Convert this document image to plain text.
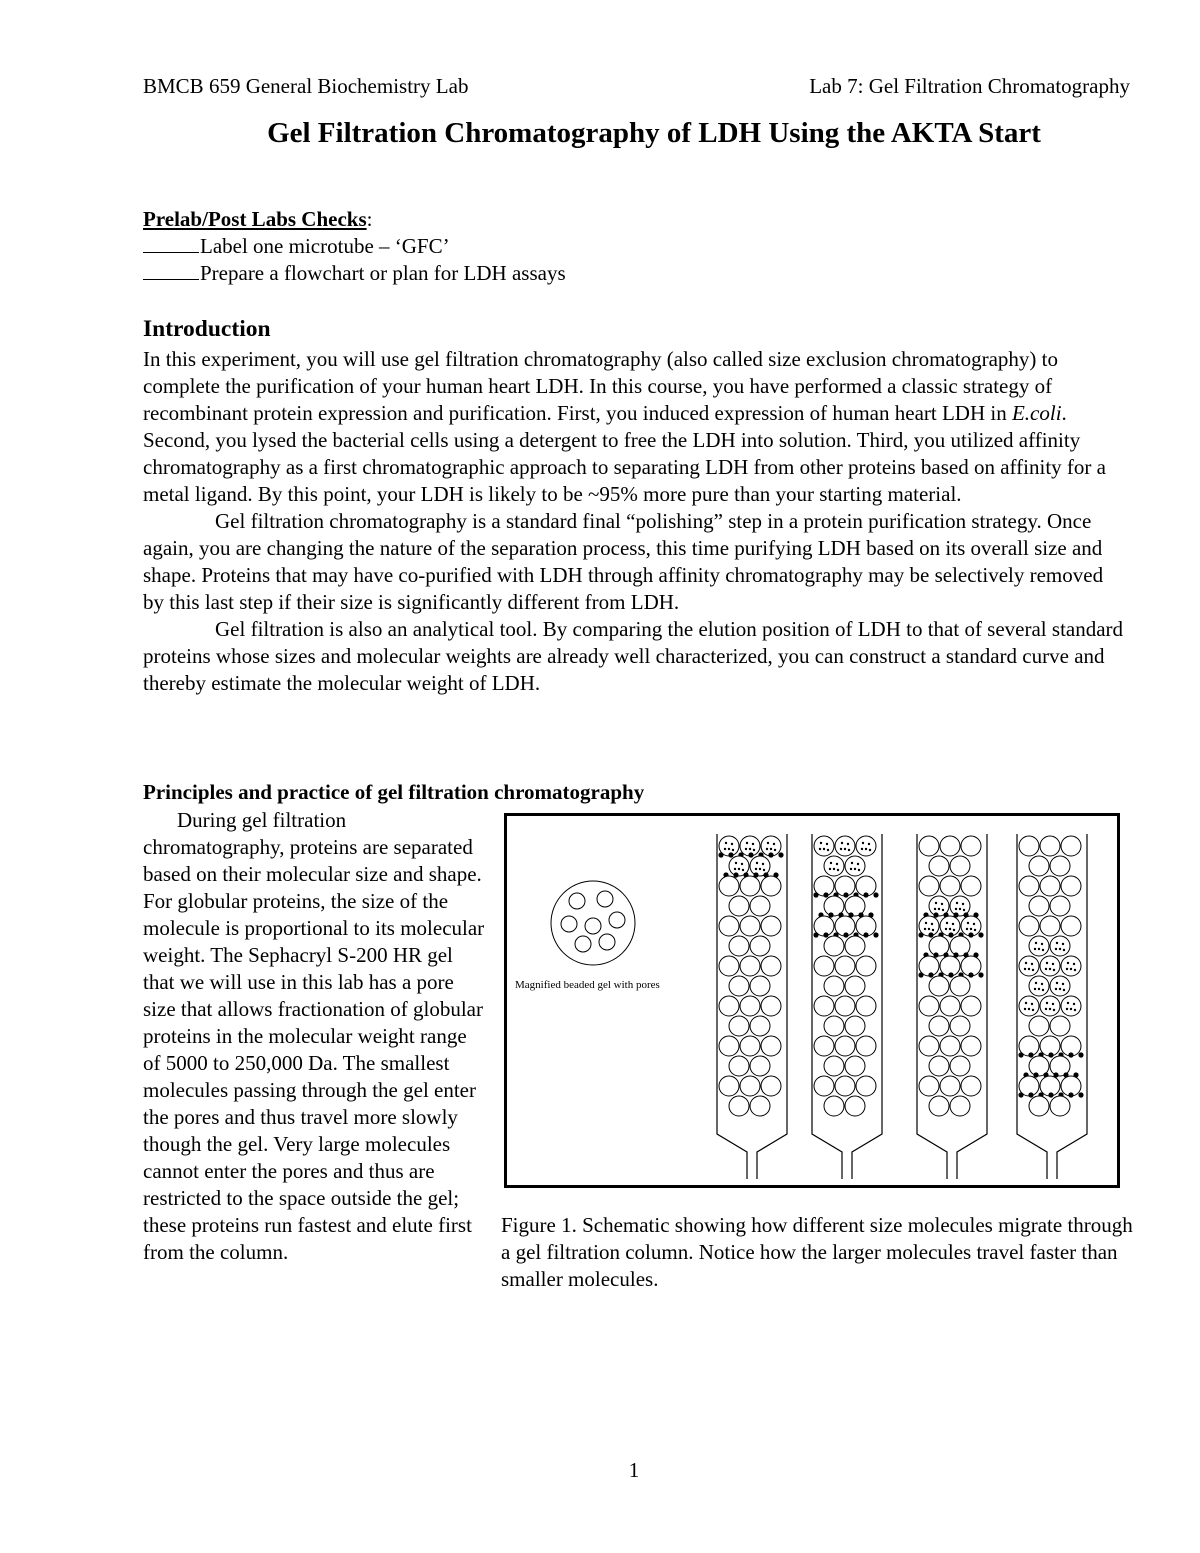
BMCB 659 General Biochemistry Lab	Lab 7: Gel Filtration Chromatography
Gel Filtration Chromatography of LDH Using the AKTA Start
Prelab/Post Labs Checks:
Label one microtube – ‘GFC’
Prepare a flowchart or plan for LDH assays
Introduction

In this experiment, you will use gel filtration chromatography (also called size exclusion chromatography) to complete the purification of your human heart LDH. In this course, you have performed a classic strategy of recombinant protein expression and purification. First, you induced expression of human heart LDH in E.coli. Second, you lysed the bacterial cells using a detergent to free the LDH into solution. Third, you utilized affinity chromatography as a first chromatographic approach to separating LDH from other proteins based on affinity for a metal ligand. By this point, your LDH is likely to be ~95% more pure than your starting material.

Gel filtration chromatography is a standard final “polishing” step in a protein purification strategy. Once again, you are changing the nature of the separation process, this time purifying LDH based on its overall size and shape. Proteins that may have co-purified with LDH through affinity chromatography may be selectively removed by this last step if their size is significantly different from LDH.

Gel filtration is also an analytical tool. By comparing the elution position of LDH to that of several standard proteins whose sizes and molecular weights are already well characterized, you can construct a standard curve and thereby estimate the molecular weight of LDH.

Principles and practice of gel filtration chromatography

During gel filtration chromatography, proteins are separated based on their molecular size and shape. For globular proteins, the size of the molecule is proportional to its molecular weight. The Sephacryl S-200 HR gel that we will use in this lab has a pore size that allows fractionation of globular proteins in the molecular weight range of 5000 to 250,000 Da. The smallest molecules passing through the gel enter the pores and thus travel more slowly though the gel. Very large molecules cannot enter the pores and thus are restricted to the space outside the gel; these proteins run fastest and elute first from the column.

Magnified beaded gel with pores
Figure 1. Schematic showing how different size molecules migrate through a gel filtration column. Notice how the larger molecules travel faster than smaller molecules.
1
